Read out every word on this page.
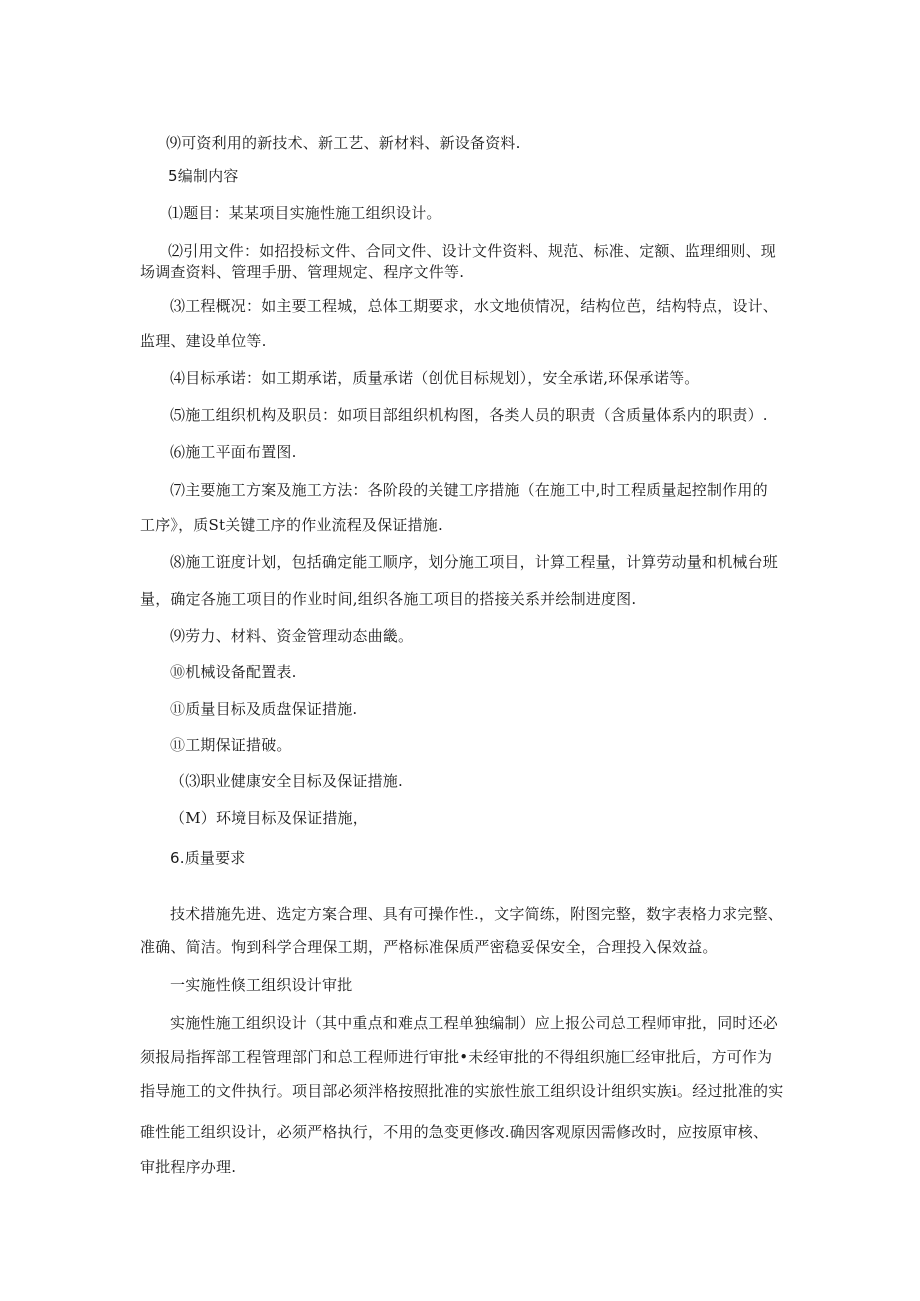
⑼可资利用的新技术、新工艺、新材料、新设备资料.
5编制内容
⑴题目：某某项目实施性施工组织设计。
⑵引用文件：如招投标文件、合同文件、设计文件资料、规范、标准、定额、监理细则、现
场调查资料、管理手册、管理规定、程序文件等.
⑶工程概况：如主要工程城，总体工期要求，水文地侦情况，结构位芭，结构特点，设计、
监理、建设单位等.
⑷目标承诺：如工期承诺，质量承诺（创优目标规划），安全承诺,环保承诺等。
⑸施工组织机构及职员：如项目部组织机构图，各类人员的职责（含质量体系内的职责）.
⑹施工平面布置图.
⑺主要施工方案及施工方法：各阶段的关键工序措施（在施工中,时工程质量起控制作用的
工序》，质St关键工序的作业流程及保证措施.
⑻施工诳度计划，包括确定能工顺序，划分施工项目，计算工程量，计算劳动量和机械台班
量，确定各施工项目的作业时间,组织各施工项目的搭接关系并绘制进度图.
⑼劳力、材料、资金管理动态曲畿。
⑩机械设备配置表.
⑪质量目标及质盘保证措施.
⑪工期保证措破。
（⑶职业健康安全目标及保证措施.
（M）环境目标及保证措施，
6.质量要求
技术措施先进、选定方案合理、具有可操作性.，文字简练，附图完整，数字表格力求完整、
准确、简洁。恂到科学合理保工期，严格标准保质严密稳妥保安全，合理投入保效益。
一实施性倏工组织设计审批
实施性施工组织设计（其中重点和难点工程单独编制）应上报公司总工程师审批，同时还必
须报局指挥部工程管理部门和总工程师进行审批•未经审批的不得组织施匚经审批后，方可作为
指导施工的文件执行。项目部必须泮格按照批准的实旅性旅工组织设计组织实族i。经过批准的实
碓性能工组织设计，必须严格执行，不用的急变更修改.确因客观原因需修改时，应按原审核、
审批程序办理.
